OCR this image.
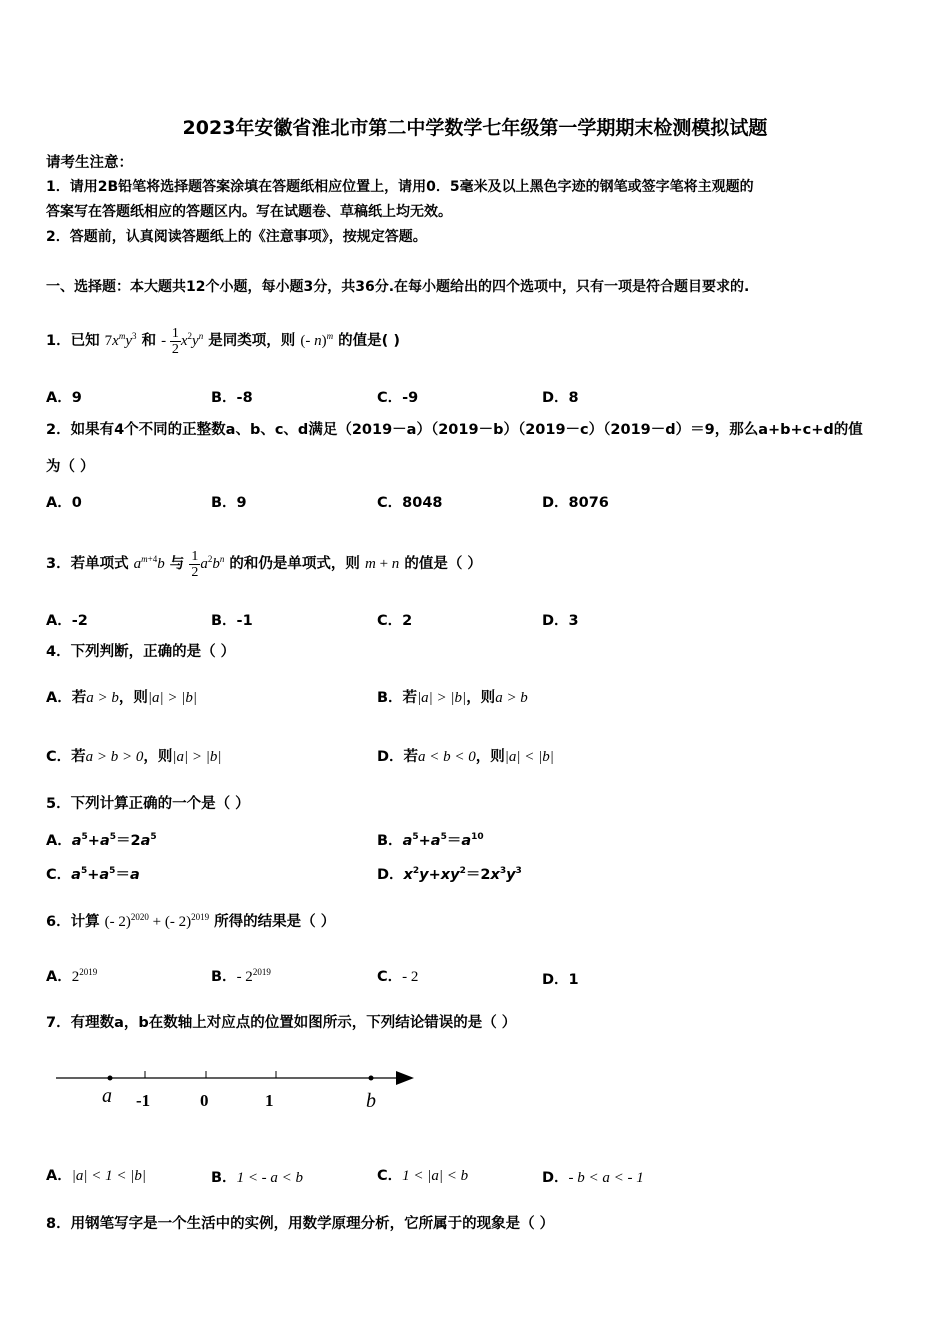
2023年安徽省淮北市第二中学数学七年级第一学期期末检测模拟试题
请考生注意：
1．请用2B铅笔将选择题答案涂填在答题纸相应位置上，请用0．5毫米及以上黑色字迹的钢笔或签字笔将主观题的
答案写在答题纸相应的答题区内。写在试题卷、草稿纸上均无效。
2．答题前，认真阅读答题纸上的《注意事项》，按规定答题。
一、选择题：本大题共12个小题，每小题3分，共36分.在每小题给出的四个选项中，只有一项是符合题目要求的.
1．已知 $7x^my^3$ 和 - $\frac{1}{2} x^2y^n$ 是同类项，则 (- n)$^m$ 的值是( )
A．9	B．-8	C．-9	D．8
2．如果有4个不同的正整数a、b、c、d满足（2019－a）（2019－b）（2019－c）（2019－d）＝9，那么a+b+c+d的值
为（ ）
A．0	B．9	C．8048	D．8076
3．若单项式 $a^{m+4}b$ 与 $\frac{1}{2} a^2b^n$ 的和仍是单项式，则 m + n 的值是（ ）
A．-2	B．-1	C．2	D．3
4．下列判断，正确的是（ ）
A．若a > b，则|a| > |b|	B．若|a| > |b|，则a > b
C．若a > b > 0，则|a| > |b|	D．若a < b < 0，则|a| < |b|
5．下列计算正确的一个是（ ）
A．$a^5+a^5=2a^5$	B．$a^5+a^5=a^{10}$
C．$a^5+a^5=a$	D．$x^2y+xy^2=2x^3y^3$
6．计算 (- 2)$^{2020}$ + (- 2)$^{2019}$ 所得的结果是（ ）
A．$2^{2019}$	B．- $2^{2019}$	C．- 2	D．1
7．有理数a，b在数轴上对应点的位置如图所示，下列结论错误的是（ ）
a -1	0	1	b
A．|a| < 1 < |b|	B．1 < - a < b	C．1 < |a| < b	D．- b < a < - 1
8．用钢笔写字是一个生活中的实例，用数学原理分析，它所属于的现象是（ ）
